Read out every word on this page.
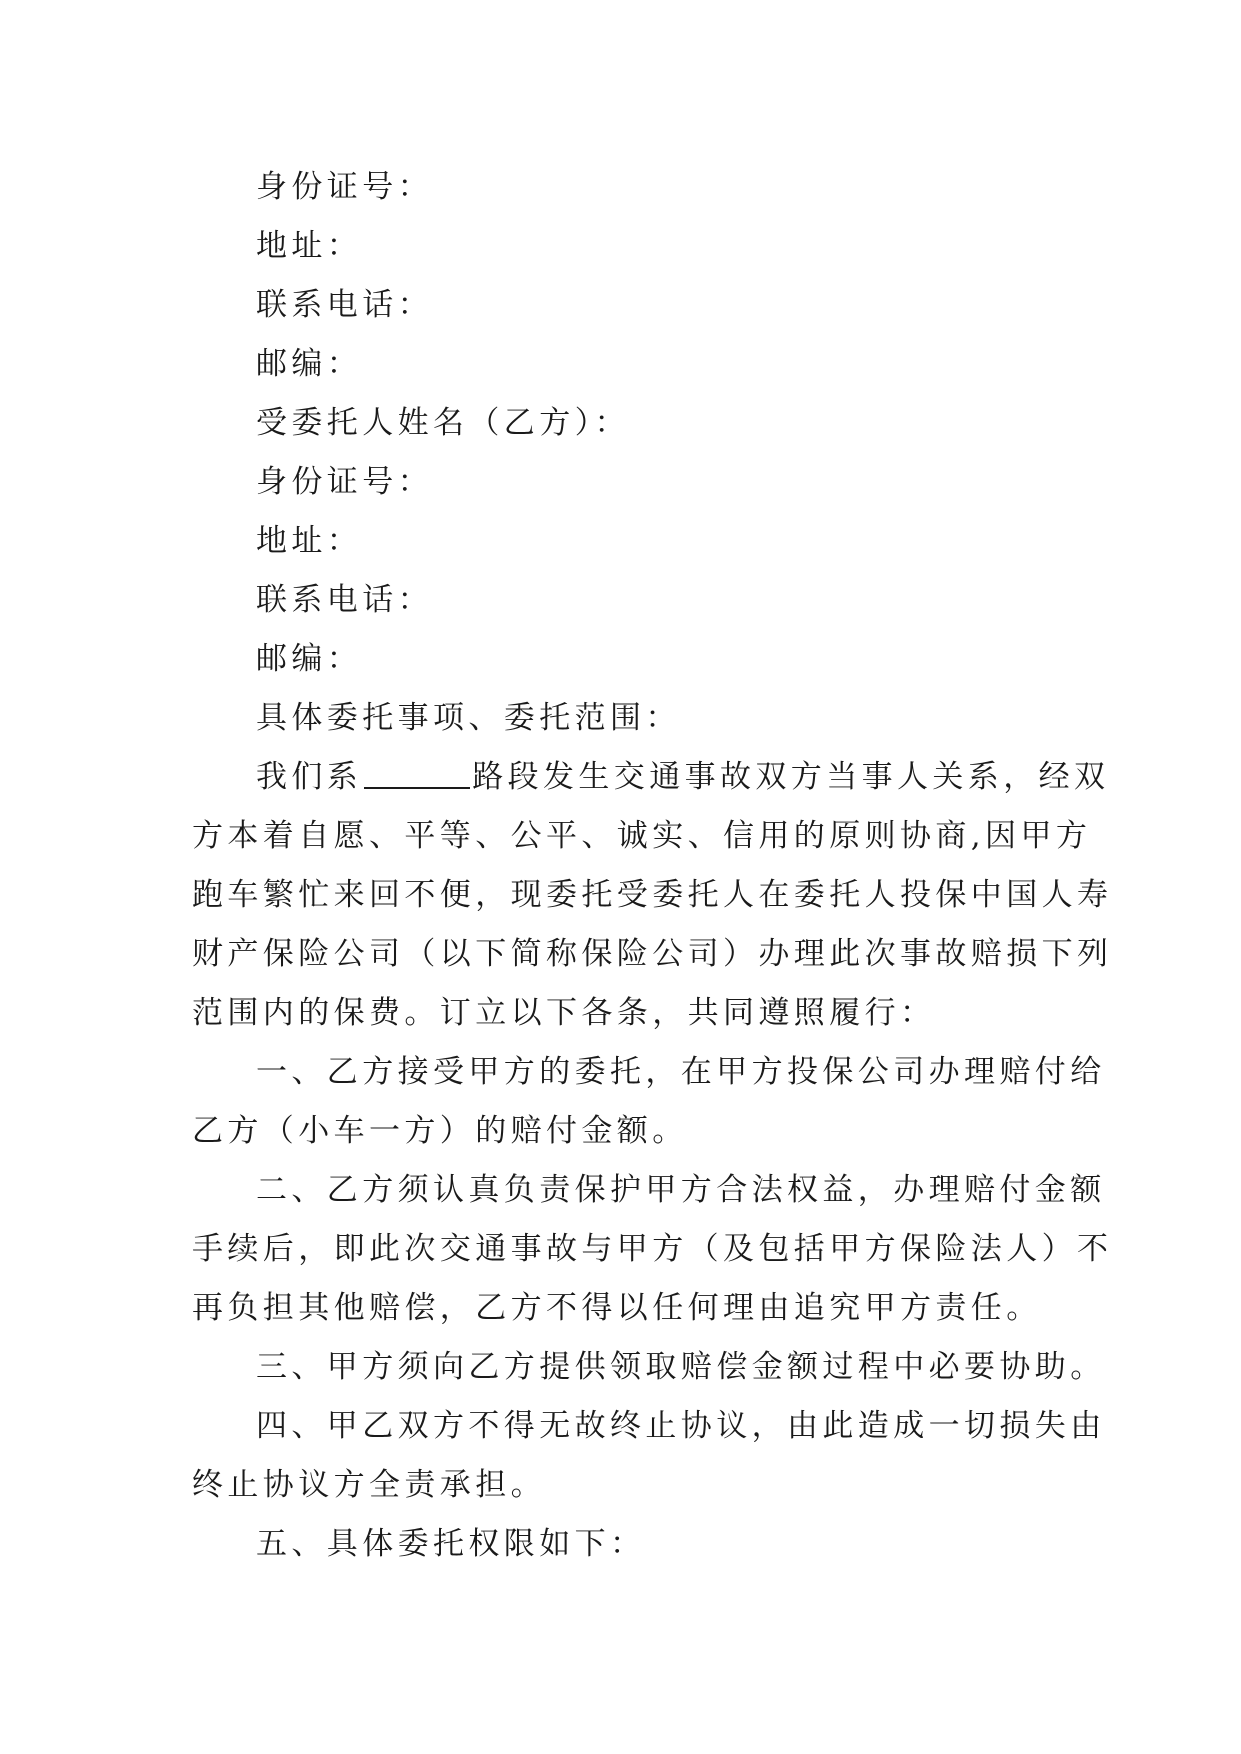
身份证号：

地址：

联系电话：

邮编：

受委托人姓名（乙方）：

身份证号：

地址：

联系电话：

邮编：

具体委托事项、委托范围：

我们系	路段发生交通事故双方当事人关系，经双
方本着自愿、平等、公平、诚实、信用的原则协商,因甲方
跑车繁忙来回不便，现委托受委托人在委托人投保中国人寿
财产保险公司（以下简称保险公司）办理此次事故赔损下列
范围内的保费。订立以下各条，共同遵照履行：

一、乙方接受甲方的委托，在甲方投保公司办理赔付给
乙方（小车一方）的赔付金额。

二、乙方须认真负责保护甲方合法权益，办理赔付金额
手续后，即此次交通事故与甲方（及包括甲方保险法人）不
再负担其他赔偿，乙方不得以任何理由追究甲方责任。

三、甲方须向乙方提供领取赔偿金额过程中必要协助。

四、甲乙双方不得无故终止协议，由此造成一切损失由
终止协议方全责承担。

五、具体委托权限如下：
